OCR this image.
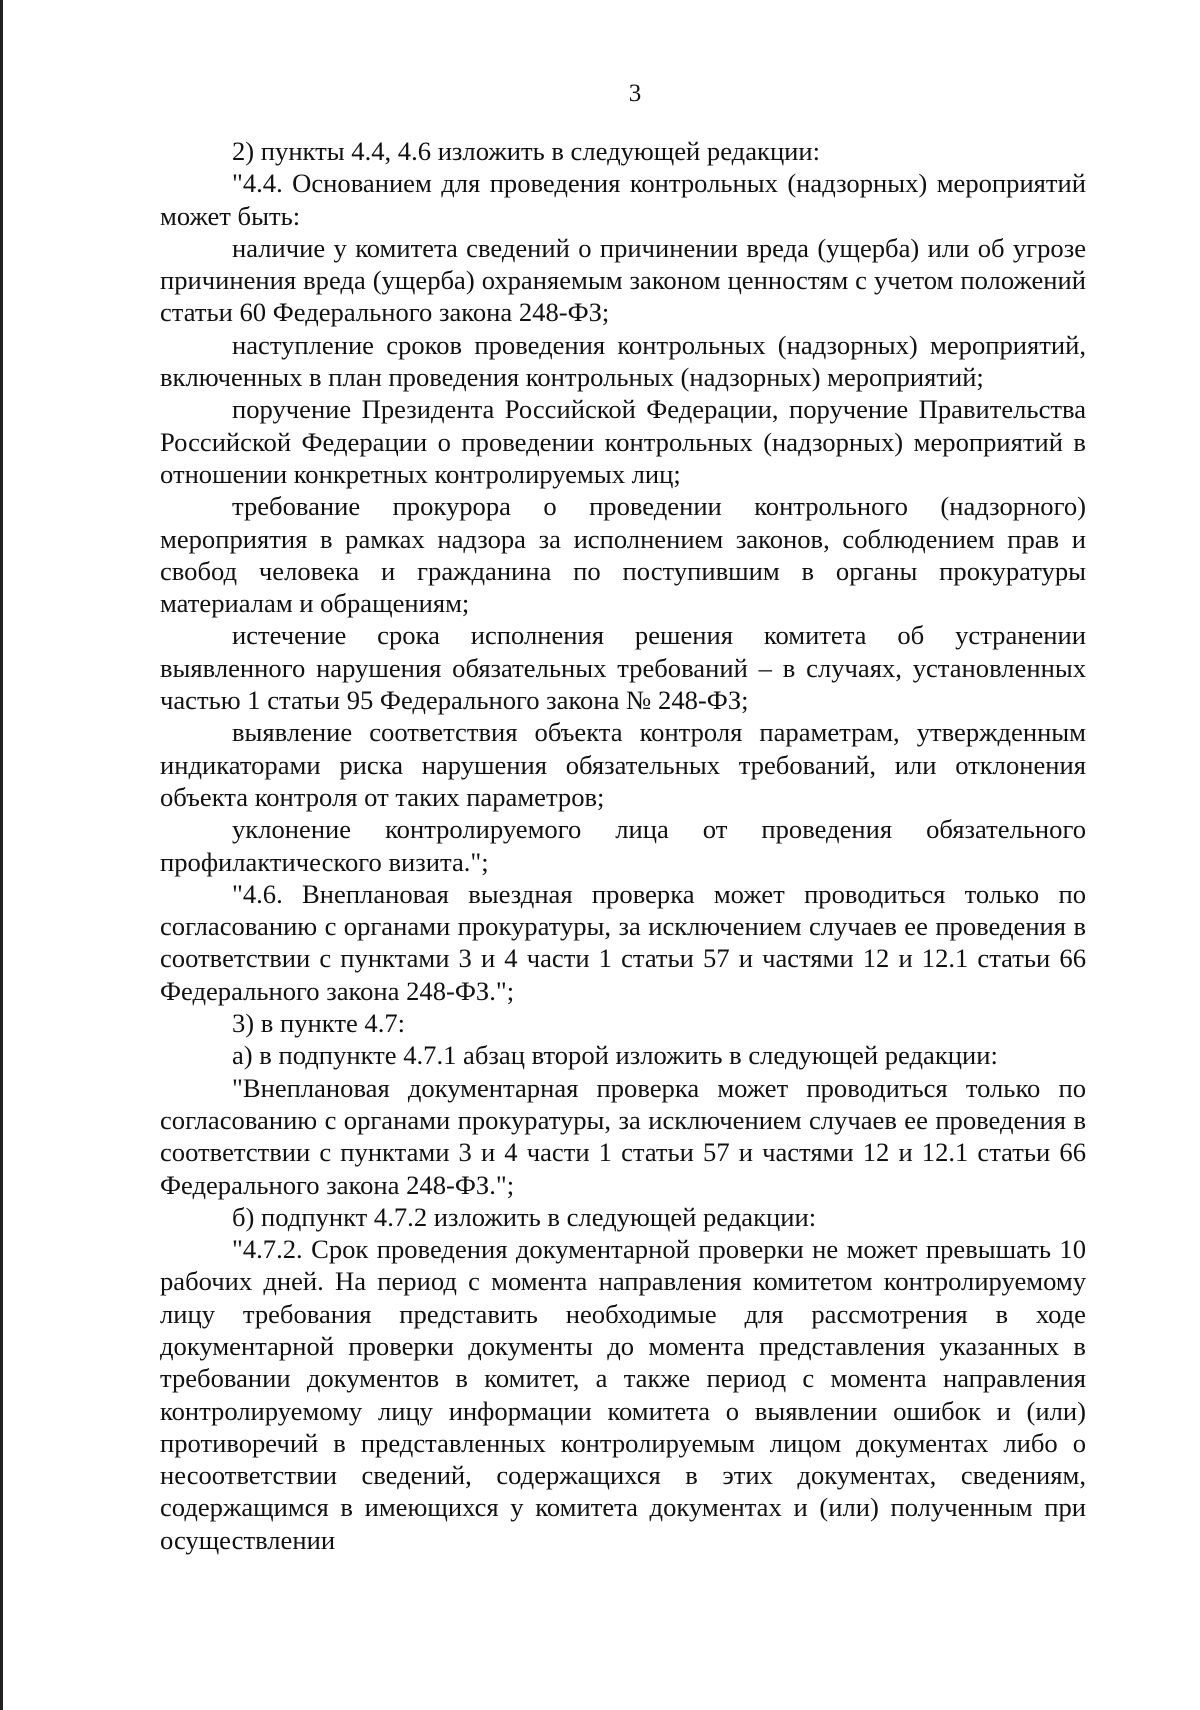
3

2) пункты 4.4, 4.6 изложить в следующей редакции:

"4.4. Основанием для проведения контрольных (надзорных) мероприятий может быть:

наличие у комитета сведений о причинении вреда (ущерба) или об угрозе причинения вреда (ущерба) охраняемым законом ценностям с учетом положений статьи 60 Федерального закона 248-ФЗ;

наступление сроков проведения контрольных (надзорных) мероприятий, включенных в план проведения контрольных (надзорных) мероприятий;

поручение Президента Российской Федерации, поручение Правительства Российской Федерации о проведении контрольных (надзорных) мероприятий в отношении конкретных контролируемых лиц;

требование прокурора о проведении контрольного (надзорного) мероприятия в рамках надзора за исполнением законов, соблюдением прав и свобод человека и гражданина по поступившим в органы прокуратуры материалам и обращениям;

истечение срока исполнения решения комитета об устранении выявленного нарушения обязательных требований – в случаях, установленных частью 1 статьи 95 Федерального закона № 248-ФЗ;

выявление соответствия объекта контроля параметрам, утвержденным индикаторами риска нарушения обязательных требований, или отклонения объекта контроля от таких параметров;

уклонение контролируемого лица от проведения обязательного профилактического визита.";

"4.6. Внеплановая выездная проверка может проводиться только по согласованию с органами прокуратуры, за исключением случаев ее проведения в соответствии с пунктами 3 и 4 части 1 статьи 57 и частями 12 и 12.1 статьи 66 Федерального закона 248-ФЗ.";

3) в пункте 4.7:

а) в подпункте 4.7.1 абзац второй изложить в следующей редакции:

"Внеплановая документарная проверка может проводиться только по согласованию с органами прокуратуры, за исключением случаев ее проведения в соответствии с пунктами 3 и 4 части 1 статьи 57 и частями 12 и 12.1 статьи 66 Федерального закона 248-ФЗ.";

б) подпункт 4.7.2 изложить в следующей редакции:

"4.7.2. Срок проведения документарной проверки не может превышать 10 рабочих дней. На период с момента направления комитетом контролируемому лицу требования представить необходимые для рассмотрения в ходе документарной проверки документы до момента представления указанных в требовании документов в комитет, а также период с момента направления контролируемому лицу информации комитета о выявлении ошибок и (или) противоречий в представленных контролируемым лицом документах либо о несоответствии сведений, содержащихся в этих документах, сведениям, содержащимся в имеющихся у комитета документах и (или) полученным при осуществлении
